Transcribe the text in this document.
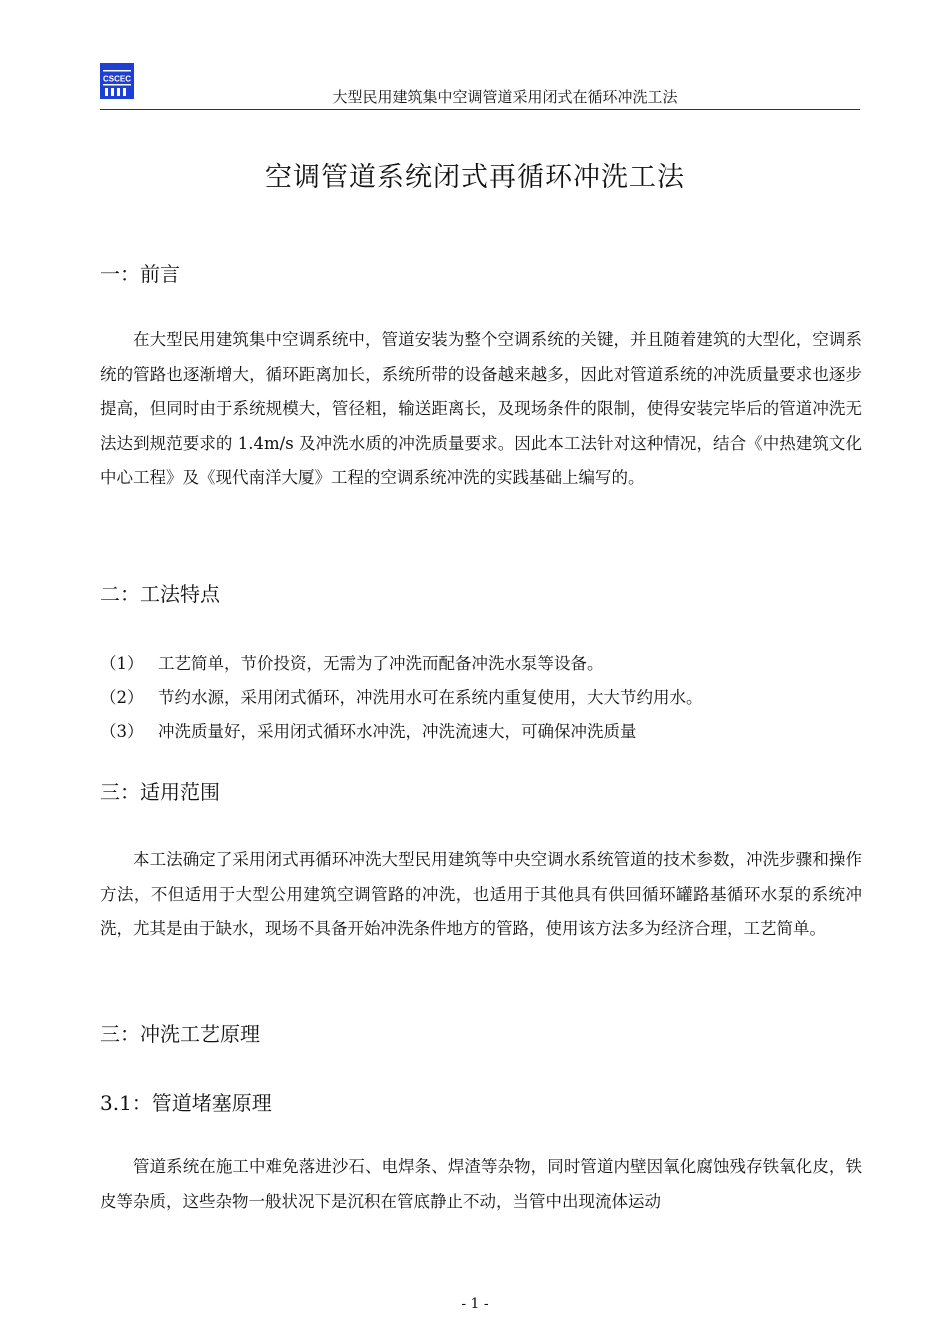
CSCEC
大型民用建筑集中空调管道采用闭式在循环冲洗工法
空调管道系统闭式再循环冲洗工法
一：前言

在大型民用建筑集中空调系统中，管道安装为整个空调系统的关键，并且随着建筑的大型化，空调系统的管路也逐渐增大，循环距离加长，系统所带的设备越来越多，因此对管道系统的冲洗质量要求也逐步提高，但同时由于系统规模大，管径粗，输送距离长，及现场条件的限制，使得安装完毕后的管道冲洗无法达到规范要求的 1.4m/s 及冲洗水质的冲洗质量要求。因此本工法针对这种情况，结合《中热建筑文化中心工程》及《现代南洋大厦》工程的空调系统冲洗的实践基础上编写的。

二：工法特点
（1） 工艺简单，节价投资，无需为了冲洗而配备冲洗水泵等设备。
（2） 节约水源，采用闭式循环，冲洗用水可在系统内重复使用，大大节约用水。
（3） 冲洗质量好，采用闭式循环水冲洗，冲洗流速大，可确保冲洗质量
三：适用范围

本工法确定了采用闭式再循环冲洗大型民用建筑等中央空调水系统管道的技术参数，冲洗步骤和操作方法，不但适用于大型公用建筑空调管路的冲洗，也适用于其他具有供回循环罐路基循环水泵的系统冲洗，尤其是由于缺水，现场不具备开始冲洗条件地方的管路，使用该方法多为经济合理，工艺简单。

三：冲洗工艺原理
3.1：管道堵塞原理

管道系统在施工中难免落进沙石、电焊条、焊渣等杂物，同时管道内壁因氧化腐蚀残存铁氧化皮，铁皮等杂质，这些杂物一般状况下是沉积在管底静止不动，当管中出现流体运动

- 1 -
